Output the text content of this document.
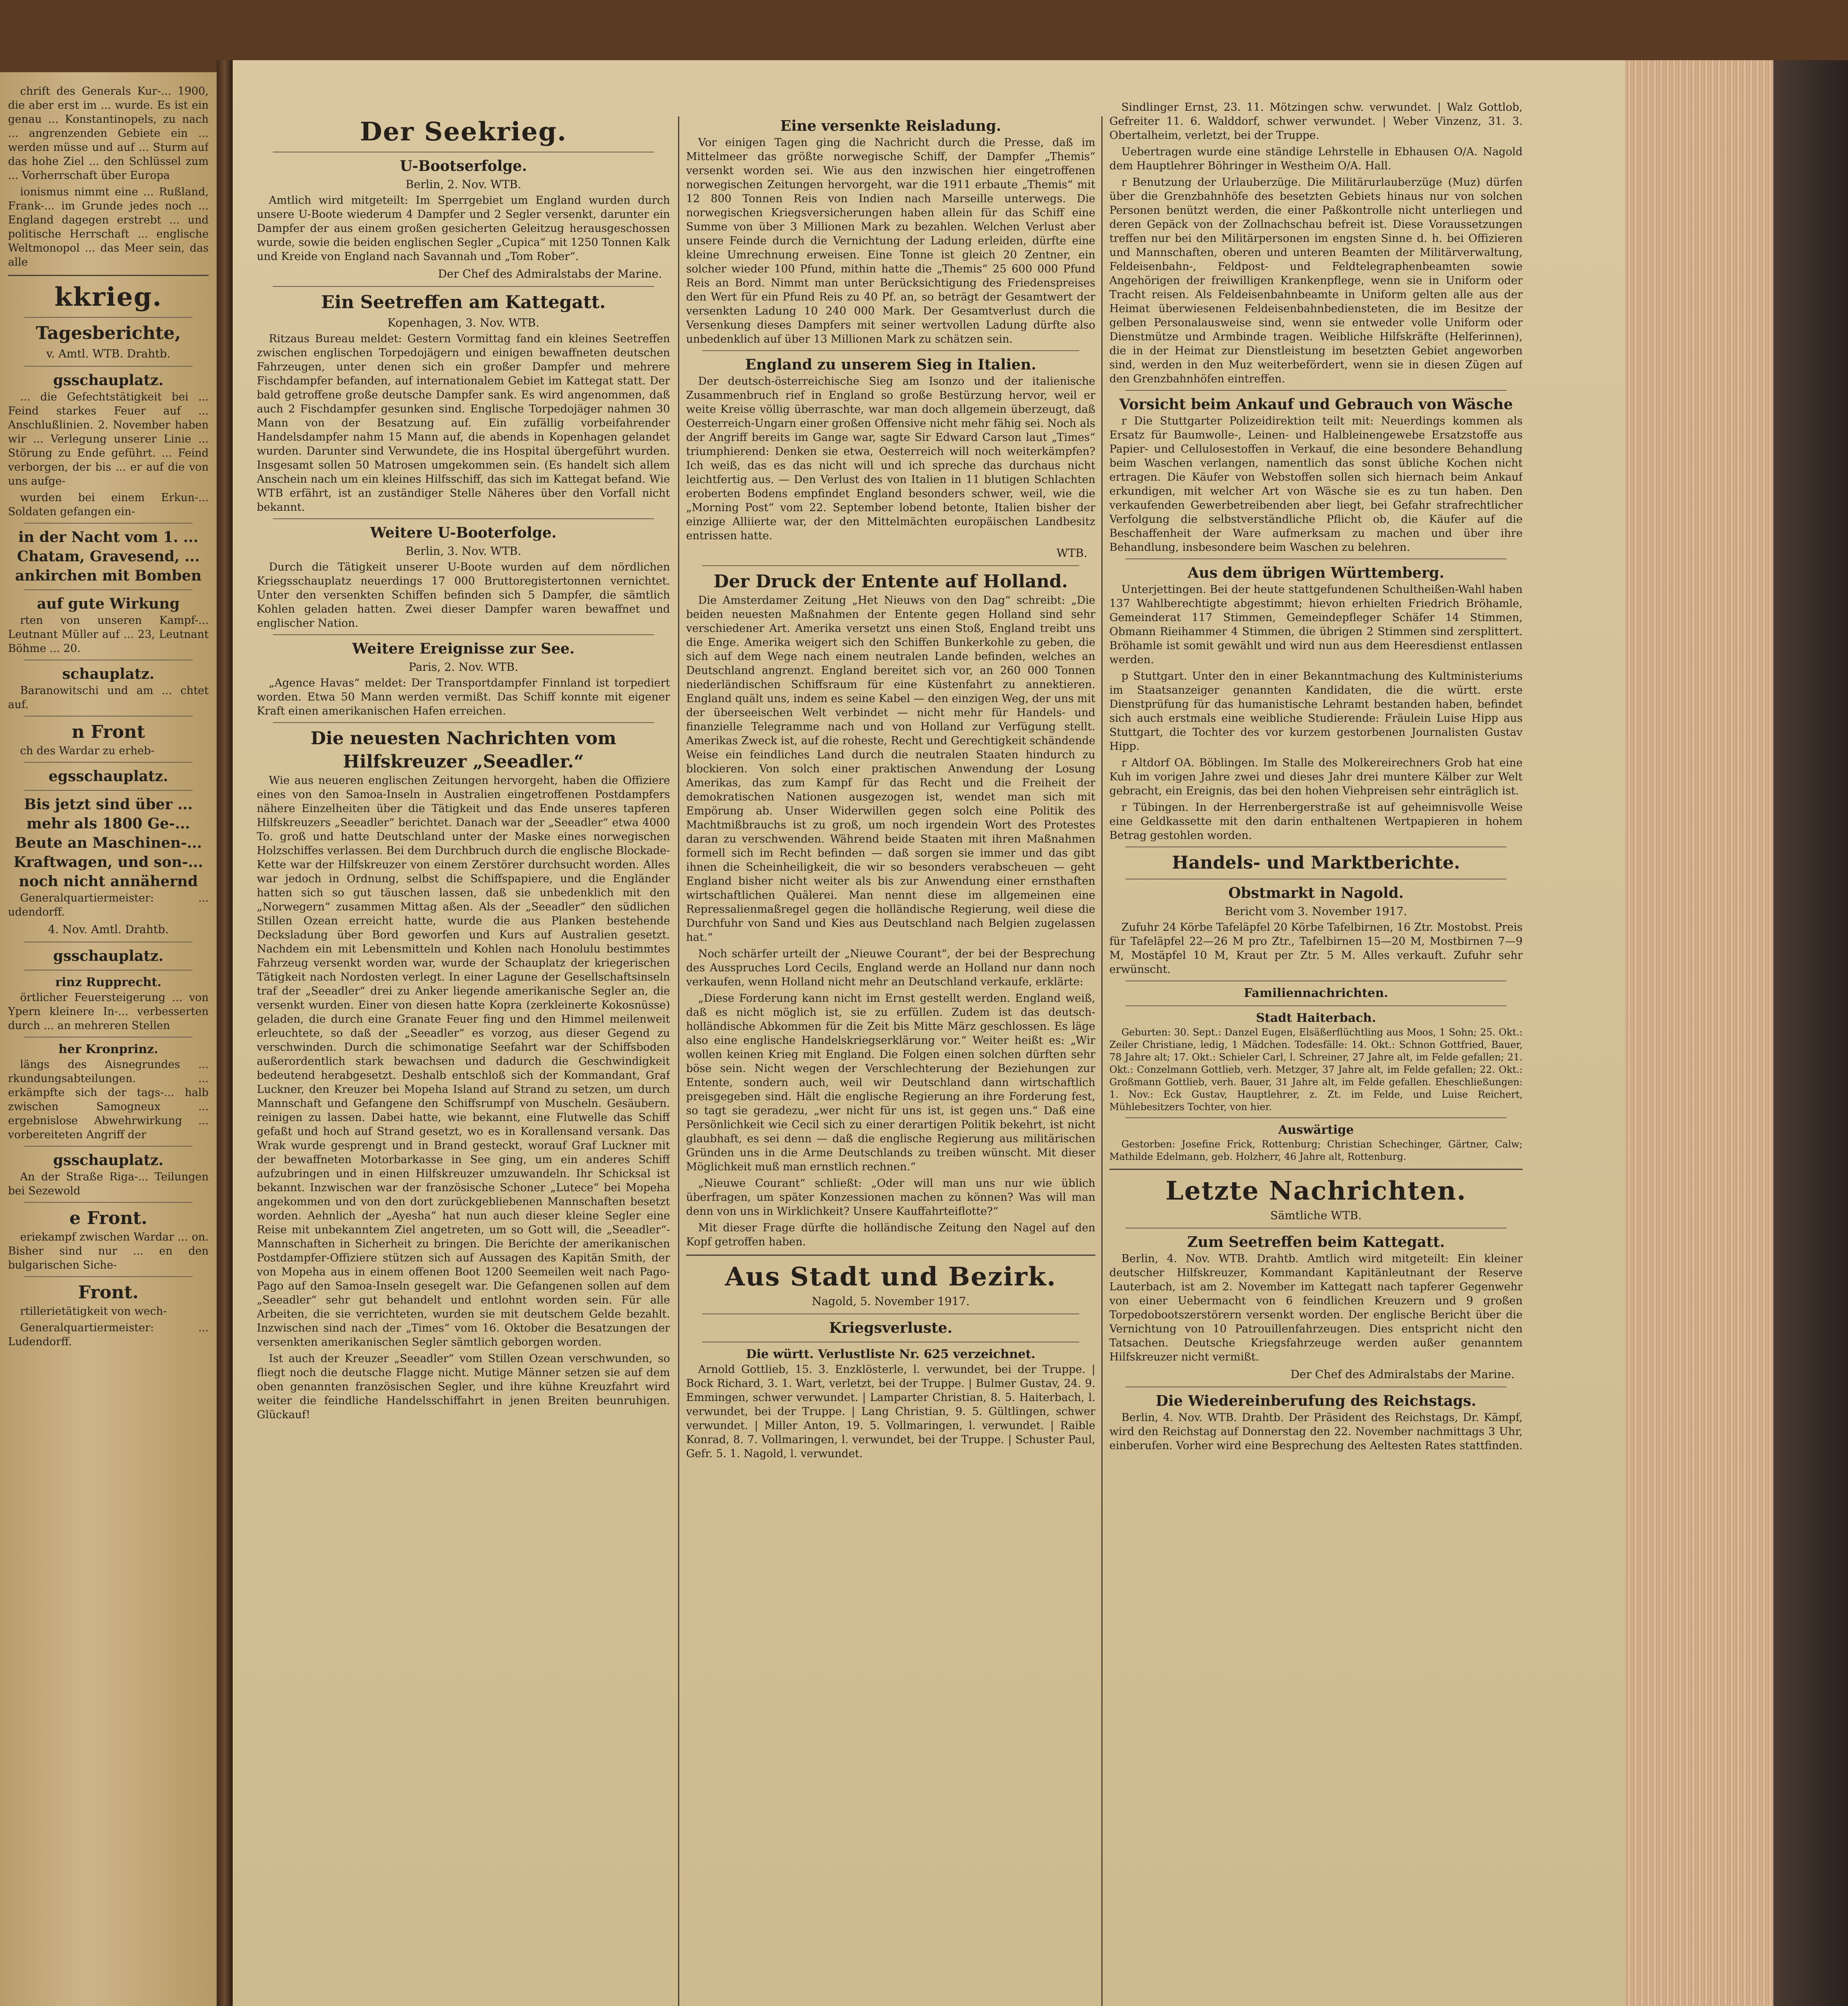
chrift des Generals Kur-... 1900, die aber erst im ... wurde. Es ist ein genau ... Konstantinopels, zu nach ... angrenzenden Gebiete ein ... werden müsse und auf ... Sturm auf das hohe Ziel ... den Schlüssel zum ... Vorherrschaft über Europa

ionismus nimmt eine ... Rußland, Frank-... im Grunde jedes noch ... England dagegen erstrebt ... und politische Herrschaft ... englische Weltmonopol ... das Meer sein, das alle

kkrieg.
Tagesberichte,
v. Amtl. WTB. Drahtb.
gsschauplatz.

... die Gefechtstätigkeit bei ... Feind starkes Feuer auf ... Anschlußlinien. 2. November haben wir ... Verlegung unserer Linie ... Störung zu Ende geführt. ... Feind verborgen, der bis ... er auf die von uns aufge-

wurden bei einem Erkun-... Soldaten gefangen ein-

in der Nacht vom 1. ... Chatam, Gravesend, ... ankirchen mit Bomben
auf gute Wirkung

rten von unseren Kampf-... Leutnant Müller auf ... 23, Leutnant Böhme ... 20.

schauplatz.

Baranowitschi und am ... chtet auf.

n Front

ch des Wardar zu erheb-

egsschauplatz.
Bis jetzt sind über ... mehr als 1800 Ge-... Beute an Maschinen-... Kraftwagen, und son-... noch nicht annähernd

Generalquartiermeister: ... udendorff.

4. Nov. Amtl. Drahtb.
gsschauplatz.
rinz Rupprecht.

örtlicher Feuersteigerung ... von Ypern kleinere In-... verbesserten durch ... an mehreren Stellen

her Kronprinz.

längs des Aisnegrundes ... rkundungsabteilungen. ... erkämpfte sich der tags-... halb zwischen Samogneux ... ergebnislose Abwehrwirkung ... vorbereiteten Angriff der

gsschauplatz.

An der Straße Riga-... Teilungen bei Sezewold

e Front.

eriekampf zwischen Wardar ... on. Bisher sind nur ... en den bulgarischen Siche-

Front.

rtillerietätigkeit von wech-

Generalquartiermeister: ... Ludendorff.

Der Seekrieg.
U-Bootserfolge.
Berlin, 2. Nov. WTB.

Amtlich wird mitgeteilt: Im Sperrgebiet um England wurden durch unsere U-Boote wiederum 4 Dampfer und 2 Segler versenkt, darunter ein Dampfer der aus einem großen gesicherten Geleitzug herausgeschossen wurde, sowie die beiden englischen Segler „Cupica“ mit 1250 Tonnen Kalk und Kreide von England nach Savannah und „Tom Rober“.

Der Chef des Admiralstabs der Marine.
Ein Seetreffen am Kattegatt.
Kopenhagen, 3. Nov. WTB.

Ritzaus Bureau meldet: Gestern Vormittag fand ein kleines Seetreffen zwischen englischen Torpedojägern und einigen bewaffneten deutschen Fahrzeugen, unter denen sich ein großer Dampfer und mehrere Fischdampfer befanden, auf internationalem Gebiet im Kattegat statt. Der bald getroffene große deutsche Dampfer sank. Es wird angenommen, daß auch 2 Fischdampfer gesunken sind. Englische Torpedojäger nahmen 30 Mann von der Besatzung auf. Ein zufällig vorbeifahrender Handelsdampfer nahm 15 Mann auf, die abends in Kopenhagen gelandet wurden. Darunter sind Verwundete, die ins Hospital übergeführt wurden. Insgesamt sollen 50 Matrosen umgekommen sein. (Es handelt sich allem Anschein nach um ein kleines Hilfsschiff, das sich im Kattegat befand. Wie WTB erfährt, ist an zuständiger Stelle Näheres über den Vorfall nicht bekannt.

Weitere U-Booterfolge.
Berlin, 3. Nov. WTB.

Durch die Tätigkeit unserer U-Boote wurden auf dem nördlichen Kriegsschauplatz neuerdings 17 000 Bruttoregistertonnen vernichtet. Unter den versenkten Schiffen befinden sich 5 Dampfer, die sämtlich Kohlen geladen hatten. Zwei dieser Dampfer waren bewaffnet und englischer Nation.

Weitere Ereignisse zur See.
Paris, 2. Nov. WTB.

„Agence Havas“ meldet: Der Transportdampfer Finnland ist torpediert worden. Etwa 50 Mann werden vermißt. Das Schiff konnte mit eigener Kraft einen amerikanischen Hafen erreichen.

Die neuesten Nachrichten vom Hilfskreuzer „Seeadler.“

Wie aus neueren englischen Zeitungen hervorgeht, haben die Offiziere eines von den Samoa-Inseln in Australien eingetroffenen Postdampfers nähere Einzelheiten über die Tätigkeit und das Ende unseres tapferen Hilfskreuzers „Seeadler“ berichtet. Danach war der „Seeadler“ etwa 4000 To. groß und hatte Deutschland unter der Maske eines norwegischen Holzschiffes verlassen. Bei dem Durchbruch durch die englische Blockade-Kette war der Hilfskreuzer von einem Zerstörer durchsucht worden. Alles war jedoch in Ordnung, selbst die Schiffspapiere, und die Engländer hatten sich so gut täuschen lassen, daß sie unbedenklich mit den „Norwegern“ zusammen Mittag aßen. Als der „Seeadler“ den südlichen Stillen Ozean erreicht hatte, wurde die aus Planken bestehende Decksladung über Bord geworfen und Kurs auf Australien gesetzt. Nachdem ein mit Lebensmitteln und Kohlen nach Honolulu bestimmtes Fahrzeug versenkt worden war, wurde der Schauplatz der kriegerischen Tätigkeit nach Nordosten verlegt. In einer Lagune der Gesellschaftsinseln traf der „Seeadler“ drei zu Anker liegende amerikanische Segler an, die versenkt wurden. Einer von diesen hatte Kopra (zerkleinerte Kokosnüsse) geladen, die durch eine Granate Feuer fing und den Himmel meilenweit erleuchtete, so daß der „Seeadler“ es vorzog, aus dieser Gegend zu verschwinden. Durch die schimonatige Seefahrt war der Schiffsboden außerordentlich stark bewachsen und dadurch die Geschwindigkeit bedeutend herabgesetzt. Deshalb entschloß sich der Kommandant, Graf Luckner, den Kreuzer bei Mopeha Island auf Strand zu setzen, um durch Mannschaft und Gefangene den Schiffsrumpf von Muscheln. Gesäubern. reinigen zu lassen. Dabei hatte, wie bekannt, eine Flutwelle das Schiff gefaßt und hoch auf Strand gesetzt, wo es in Korallensand versank. Das Wrak wurde gesprengt und in Brand gesteckt, worauf Graf Luckner mit der bewaffneten Motorbarkasse in See ging, um ein anderes Schiff aufzubringen und in einen Hilfskreuzer umzuwandeln. Ihr Schicksal ist bekannt. Inzwischen war der französische Schoner „Lutece“ bei Mopeha angekommen und von den dort zurückgebliebenen Mannschaften besetzt worden. Aehnlich der „Ayesha“ hat nun auch dieser kleine Segler eine Reise mit unbekanntem Ziel angetreten, um so Gott will, die „Seeadler“-Mannschaften in Sicherheit zu bringen. Die Berichte der amerikanischen Postdampfer-Offiziere stützen sich auf Aussagen des Kapitän Smith, der von Mopeha aus in einem offenen Boot 1200 Seemeilen weit nach Pago-Pago auf den Samoa-Inseln gesegelt war. Die Gefangenen sollen auf dem „Seeadler“ sehr gut behandelt und entlohnt worden sein. Für alle Arbeiten, die sie verrichteten, wurden sie mit deutschem Gelde bezahlt. Inzwischen sind nach der „Times“ vom 16. Oktober die Besatzungen der versenkten amerikanischen Segler sämtlich geborgen worden.

Ist auch der Kreuzer „Seeadler“ vom Stillen Ozean verschwunden, so fliegt noch die deutsche Flagge nicht. Mutige Männer setzen sie auf dem oben genannten französischen Segler, und ihre kühne Kreuzfahrt wird weiter die feindliche Handelsschiffahrt in jenen Breiten beunruhigen. Glückauf!

Eine versenkte Reisladung.

Vor einigen Tagen ging die Nachricht durch die Presse, daß im Mittelmeer das größte norwegische Schiff, der Dampfer „Themis“ versenkt worden sei. Wie aus den inzwischen hier eingetroffenen norwegischen Zeitungen hervorgeht, war die 1911 erbaute „Themis“ mit 12 800 Tonnen Reis von Indien nach Marseille unterwegs. Die norwegischen Kriegsversicherungen haben allein für das Schiff eine Summe von über 3 Millionen Mark zu bezahlen. Welchen Verlust aber unsere Feinde durch die Vernichtung der Ladung erleiden, dürfte eine kleine Umrechnung erweisen. Eine Tonne ist gleich 20 Zentner, ein solcher wieder 100 Pfund, mithin hatte die „Themis“ 25 600 000 Pfund Reis an Bord. Nimmt man unter Berücksichtigung des Friedenspreises den Wert für ein Pfund Reis zu 40 Pf. an, so beträgt der Gesamtwert der versenkten Ladung 10 240 000 Mark. Der Gesamtverlust durch die Versenkung dieses Dampfers mit seiner wertvollen Ladung dürfte also unbedenklich auf über 13 Millionen Mark zu schätzen sein.

England zu unserem Sieg in Italien.

Der deutsch-österreichische Sieg am Isonzo und der italienische Zusammenbruch rief in England so große Bestürzung hervor, weil er weite Kreise völlig überraschte, war man doch allgemein überzeugt, daß Oesterreich-Ungarn einer großen Offensive nicht mehr fähig sei. Noch als der Angriff bereits im Gange war, sagte Sir Edward Carson laut „Times“ triumphierend: Denken sie etwa, Oesterreich will noch weiterkämpfen? Ich weiß, das es das nicht will und ich spreche das durchaus nicht leichtfertig aus. — Den Verlust des von Italien in 11 blutigen Schlachten eroberten Bodens empfindet England besonders schwer, weil, wie die „Morning Post“ vom 22. September lobend betonte, Italien bisher der einzige Alliierte war, der den Mittelmächten europäischen Landbesitz entrissen hatte.

WTB.
Der Druck der Entente auf Holland.

Die Amsterdamer Zeitung „Het Nieuws von den Dag“ schreibt: „Die beiden neuesten Maßnahmen der Entente gegen Holland sind sehr verschiedener Art. Amerika versetzt uns einen Stoß, England treibt uns die Enge. Amerika weigert sich den Schiffen Bunkerkohle zu geben, die sich auf dem Wege nach einem neutralen Lande befinden, welches an Deutschland angrenzt. England bereitet sich vor, an 260 000 Tonnen niederländischen Schiffsraum für eine Küstenfahrt zu annektieren. England quält uns, indem es seine Kabel — den einzigen Weg, der uns mit der überseeischen Welt verbindet — nicht mehr für Handels- und finanzielle Telegramme nach und von Holland zur Verfügung stellt. Amerikas Zweck ist, auf die roheste, Recht und Gerechtigkeit schändende Weise ein feindliches Land durch die neutralen Staaten hindurch zu blockieren. Von solch einer praktischen Anwendung der Losung Amerikas, das zum Kampf für das Recht und die Freiheit der demokratischen Nationen ausgezogen ist, wendet man sich mit Empörung ab. Unser Widerwillen gegen solch eine Politik des Machtmißbrauchs ist zu groß, um noch irgendein Wort des Protestes daran zu verschwenden. Während beide Staaten mit ihren Maßnahmen formell sich im Recht befinden — daß sorgen sie immer und das gibt ihnen die Scheinheiligkeit, die wir so besonders verabscheuen — geht England bisher nicht weiter als bis zur Anwendung einer ernsthaften wirtschaftlichen Quälerei. Man nennt diese im allgemeinen eine Repressalienmaßregel gegen die holländische Regierung, weil diese die Durchfuhr von Sand und Kies aus Deutschland nach Belgien zugelassen hat.“

Noch schärfer urteilt der „Nieuwe Courant“, der bei der Besprechung des Ausspruches Lord Cecils, England werde an Holland nur dann noch verkaufen, wenn Holland nicht mehr an Deutschland verkaufe, erklärte:

„Diese Forderung kann nicht im Ernst gestellt werden. England weiß, daß es nicht möglich ist, sie zu erfüllen. Zudem ist das deutsch-holländische Abkommen für die Zeit bis Mitte März geschlossen. Es läge also eine englische Handelskriegserklärung vor.“ Weiter heißt es: „Wir wollen keinen Krieg mit England. Die Folgen einen solchen dürften sehr böse sein. Nicht wegen der Verschlechterung der Beziehungen zur Entente, sondern auch, weil wir Deutschland dann wirtschaftlich preisgegeben sind. Hält die englische Regierung an ihre Forderung fest, so tagt sie geradezu, „wer nicht für uns ist, ist gegen uns.“ Daß eine Persönlichkeit wie Cecil sich zu einer derartigen Politik bekehrt, ist nicht glaubhaft, es sei denn — daß die englische Regierung aus militärischen Gründen uns in die Arme Deutschlands zu treiben wünscht. Mit dieser Möglichkeit muß man ernstlich rechnen.“

„Nieuwe Courant“ schließt: „Oder will man uns nur wie üblich überfragen, um später Konzessionen machen zu können? Was will man denn von uns in Wirklichkeit? Unsere Kauffahrteiflotte?“

Mit dieser Frage dürfte die holländische Zeitung den Nagel auf den Kopf getroffen haben.

Aus Stadt und Bezirk.
Nagold, 5. November 1917.
Kriegsverluste.
Die württ. Verlustliste Nr. 625 verzeichnet.

Arnold Gottlieb, 15. 3. Enzklösterle, l. verwundet, bei der Truppe. | Bock Richard, 3. 1. Wart, verletzt, bei der Truppe. | Bulmer Gustav, 24. 9. Emmingen, schwer verwundet. | Lamparter Christian, 8. 5. Haiterbach, l. verwundet, bei der Truppe. | Lang Christian, 9. 5. Gültlingen, schwer verwundet. | Miller Anton, 19. 5. Vollmaringen, l. verwundet. | Raible Konrad, 8. 7. Vollmaringen, l. verwundet, bei der Truppe. | Schuster Paul, Gefr. 5. 1. Nagold, l. verwundet.

Sindlinger Ernst, 23. 11. Mötzingen schw. verwundet. | Walz Gottlob, Gefreiter 11. 6. Walddorf, schwer verwundet. | Weber Vinzenz, 31. 3. Obertalheim, verletzt, bei der Truppe.

Uebertragen wurde eine ständige Lehrstelle in Ebhausen O/A. Nagold dem Hauptlehrer Böhringer in Westheim O/A. Hall.

r Benutzung der Urlauberzüge. Die Militärurlauberzüge (Muz) dürfen über die Grenzbahnhöfe des besetzten Gebiets hinaus nur von solchen Personen benützt werden, die einer Paßkontrolle nicht unterliegen und deren Gepäck von der Zollnachschau befreit ist. Diese Voraussetzungen treffen nur bei den Militärpersonen im engsten Sinne d. h. bei Offizieren und Mannschaften, oberen und unteren Beamten der Militärverwaltung, Feldeisenbahn-, Feldpost- und Feldtelegraphenbeamten sowie Angehörigen der freiwilligen Krankenpflege, wenn sie in Uniform oder Tracht reisen. Als Feldeisenbahnbeamte in Uniform gelten alle aus der Heimat überwiesenen Feldeisenbahnbediensteten, die im Besitze der gelben Personalausweise sind, wenn sie entweder volle Uniform oder Dienstmütze und Armbinde tragen. Weibliche Hilfskräfte (Helferinnen), die in der Heimat zur Dienstleistung im besetzten Gebiet angeworben sind, werden in den Muz weiterbefördert, wenn sie in diesen Zügen auf den Grenzbahnhöfen eintreffen.

Vorsicht beim Ankauf und Gebrauch von Wäsche

r Die Stuttgarter Polizeidirektion teilt mit: Neuerdings kommen als Ersatz für Baumwolle-, Leinen- und Halbleinengewebe Ersatzstoffe aus Papier- und Cellulosestoffen in Verkauf, die eine besondere Behandlung beim Waschen verlangen, namentlich das sonst übliche Kochen nicht ertragen. Die Käufer von Webstoffen sollen sich hiernach beim Ankauf erkundigen, mit welcher Art von Wäsche sie es zu tun haben. Den verkaufenden Gewerbetreibenden aber liegt, bei Gefahr strafrechtlicher Verfolgung die selbstverständliche Pflicht ob, die Käufer auf die Beschaffenheit der Ware aufmerksam zu machen und über ihre Behandlung, insbesondere beim Waschen zu belehren.

Aus dem übrigen Württemberg.

Unterjettingen. Bei der heute stattgefundenen Schultheißen-Wahl haben 137 Wahlberechtigte abgestimmt; hievon erhielten Friedrich Bröhamle, Gemeinderat 117 Stimmen, Gemeindepfleger Schäfer 14 Stimmen, Obmann Rieihammer 4 Stimmen, die übrigen 2 Stimmen sind zersplittert. Bröhamle ist somit gewählt und wird nun aus dem Heeresdienst entlassen werden.

p Stuttgart. Unter den in einer Bekanntmachung des Kultministeriums im Staatsanzeiger genannten Kandidaten, die die württ. erste Dienstprüfung für das humanistische Lehramt bestanden haben, befindet sich auch erstmals eine weibliche Studierende: Fräulein Luise Hipp aus Stuttgart, die Tochter des vor kurzem gestorbenen Journalisten Gustav Hipp.

r Altdorf OA. Böblingen. Im Stalle des Molkereirechners Grob hat eine Kuh im vorigen Jahre zwei und dieses Jahr drei muntere Kälber zur Welt gebracht, ein Ereignis, das bei den hohen Viehpreisen sehr einträglich ist.

r Tübingen. In der Herrenbergerstraße ist auf geheimnisvolle Weise eine Geldkassette mit den darin enthaltenen Wertpapieren in hohem Betrag gestohlen worden.

Handels- und Marktberichte.
Obstmarkt in Nagold.
Bericht vom 3. November 1917.

Zufuhr 24 Körbe Tafeläpfel 20 Körbe Tafelbirnen, 16 Ztr. Mostobst. Preis für Tafeläpfel 22—26 M pro Ztr., Tafelbirnen 15—20 M, Mostbirnen 7—9 M, Mostäpfel 10 M, Kraut per Ztr. 5 M. Alles verkauft. Zufuhr sehr erwünscht.

Familiennachrichten.
Stadt Haiterbach.

Geburten: 30. Sept.: Danzel Eugen, Elsäßerflüchtling aus Moos, 1 Sohn; 25. Okt.: Zeiler Christiane, ledig, 1 Mädchen. Todesfälle: 14. Okt.: Schnon Gottfried, Bauer, 78 Jahre alt; 17. Okt.: Schieler Carl, l. Schreiner, 27 Jahre alt, im Felde gefallen; 21. Okt.: Conzelmann Gottlieb, verh. Metzger, 37 Jahre alt, im Felde gefallen; 22. Okt.: Großmann Gottlieb, verh. Bauer, 31 Jahre alt, im Felde gefallen. Eheschließungen: 1. Nov.: Eck Gustav, Hauptlehrer, z. Zt. im Felde, und Luise Reichert, Mühlebesitzers Tochter, von hier.

Auswärtige

Gestorben: Josefine Frick, Rottenburg; Christian Schechinger, Gärtner, Calw; Mathilde Edelmann, geb. Holzherr, 46 Jahre alt, Rottenburg.

Letzte Nachrichten.
Sämtliche WTB.
Zum Seetreffen beim Kattegatt.

Berlin, 4. Nov. WTB. Drahtb. Amtlich wird mitgeteilt: Ein kleiner deutscher Hilfskreuzer, Kommandant Kapitänleutnant der Reserve Lauterbach, ist am 2. November im Kattegatt nach tapferer Gegenwehr von einer Uebermacht von 6 feindlichen Kreuzern und 9 großen Torpedobootszerstörern versenkt worden. Der englische Bericht über die Vernichtung von 10 Patrouillenfahrzeugen. Dies entspricht nicht den Tatsachen. Deutsche Kriegsfahrzeuge werden außer genanntem Hilfskreuzer nicht vermißt.

Der Chef des Admiralstabs der Marine.
Die Wiedereinberufung des Reichstags.

Berlin, 4. Nov. WTB. Drahtb. Der Präsident des Reichstags, Dr. Kämpf, wird den Reichstag auf Donnerstag den 22. November nachmittags 3 Uhr, einberufen. Vorher wird eine Besprechung des Aeltesten Rates stattfinden.
